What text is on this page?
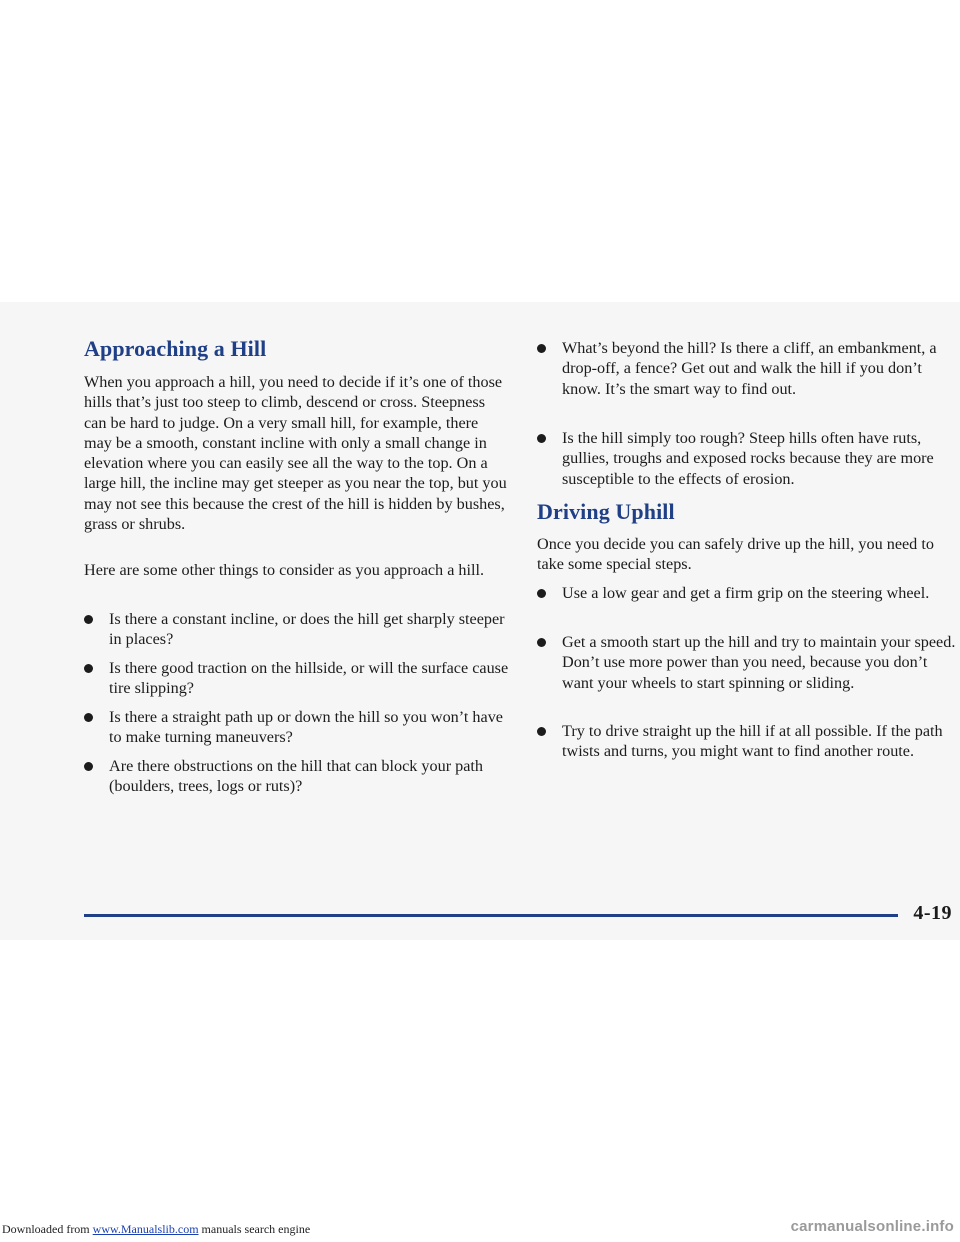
Approaching a Hill

When you approach a hill, you need to decide if it’s one of those hills that’s just too steep to climb, descend or cross. Steepness can be hard to judge. On a very small hill, for example, there may be a smooth, constant incline with only a small change in elevation where you can easily see all the way to the top. On a large hill, the incline may get steeper as you near the top, but you may not see this because the crest of the hill is hidden by bushes, grass or shrubs.

Here are some other things to consider as you approach a hill.

Is there a constant incline, or does the hill get sharply steeper in places?
Is there good traction on the hillside, or will the surface cause tire slipping?
Is there a straight path up or down the hill so you won’t have to make turning maneuvers?
Are there obstructions on the hill that can block your path (boulders, trees, logs or ruts)?
What’s beyond the hill? Is there a cliff, an embankment, a drop-off, a fence? Get out and walk the hill if you don’t know. It’s the smart way to find out.
Is the hill simply too rough? Steep hills often have ruts, gullies, troughs and exposed rocks because they are more susceptible to the effects of erosion.
Driving Uphill

Once you decide you can safely drive up the hill, you need to take some special steps.

Use a low gear and get a firm grip on the steering wheel.
Get a smooth start up the hill and try to maintain your speed. Don’t use more power than you need, because you don’t want your wheels to start spinning or sliding.
Try to drive straight up the hill if at all possible. If the path twists and turns, you might want to find another route.
4-19
Downloaded from www.Manualslib.com manuals search engine	carmanualsonline.info
